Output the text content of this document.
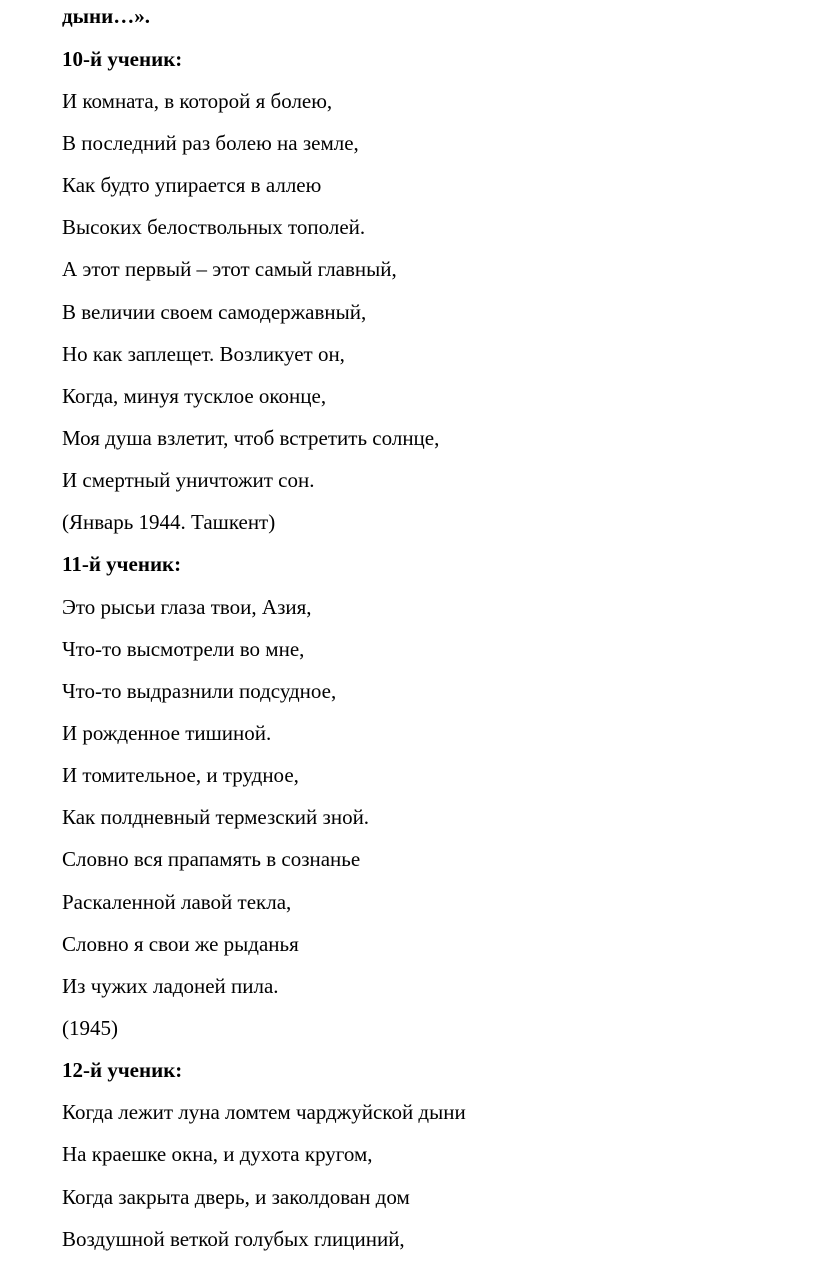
дыни…».
10-й ученик:
И комната, в которой я болею,
В последний раз болею на земле,
Как будто упирается в аллею
Высоких белоствольных тополей.
А этот первый – этот самый главный,
В величии своем самодержавный,
Но как заплещет. Возликует он,
Когда, минуя тусклое оконце,
Моя душа взлетит, чтоб встретить солнце,
И смертный уничтожит сон.
(Январь 1944. Ташкент)
11-й ученик:
Это рысьи глаза твои, Азия,
Что-то высмотрели во мне,
Что-то выдразнили подсудное,
И рожденное тишиной.
И томительное, и трудное,
Как полдневный термезский зной.
Словно вся прапамять в сознанье
Раскаленной лавой текла,
Словно я свои же рыданья
Из чужих ладоней пила.
(1945)
12-й ученик:
Когда лежит луна ломтем чарджуйской дыни
На краешке окна, и духота кругом,
Когда закрыта дверь, и заколдован дом
Воздушной веткой голубых глициний,
